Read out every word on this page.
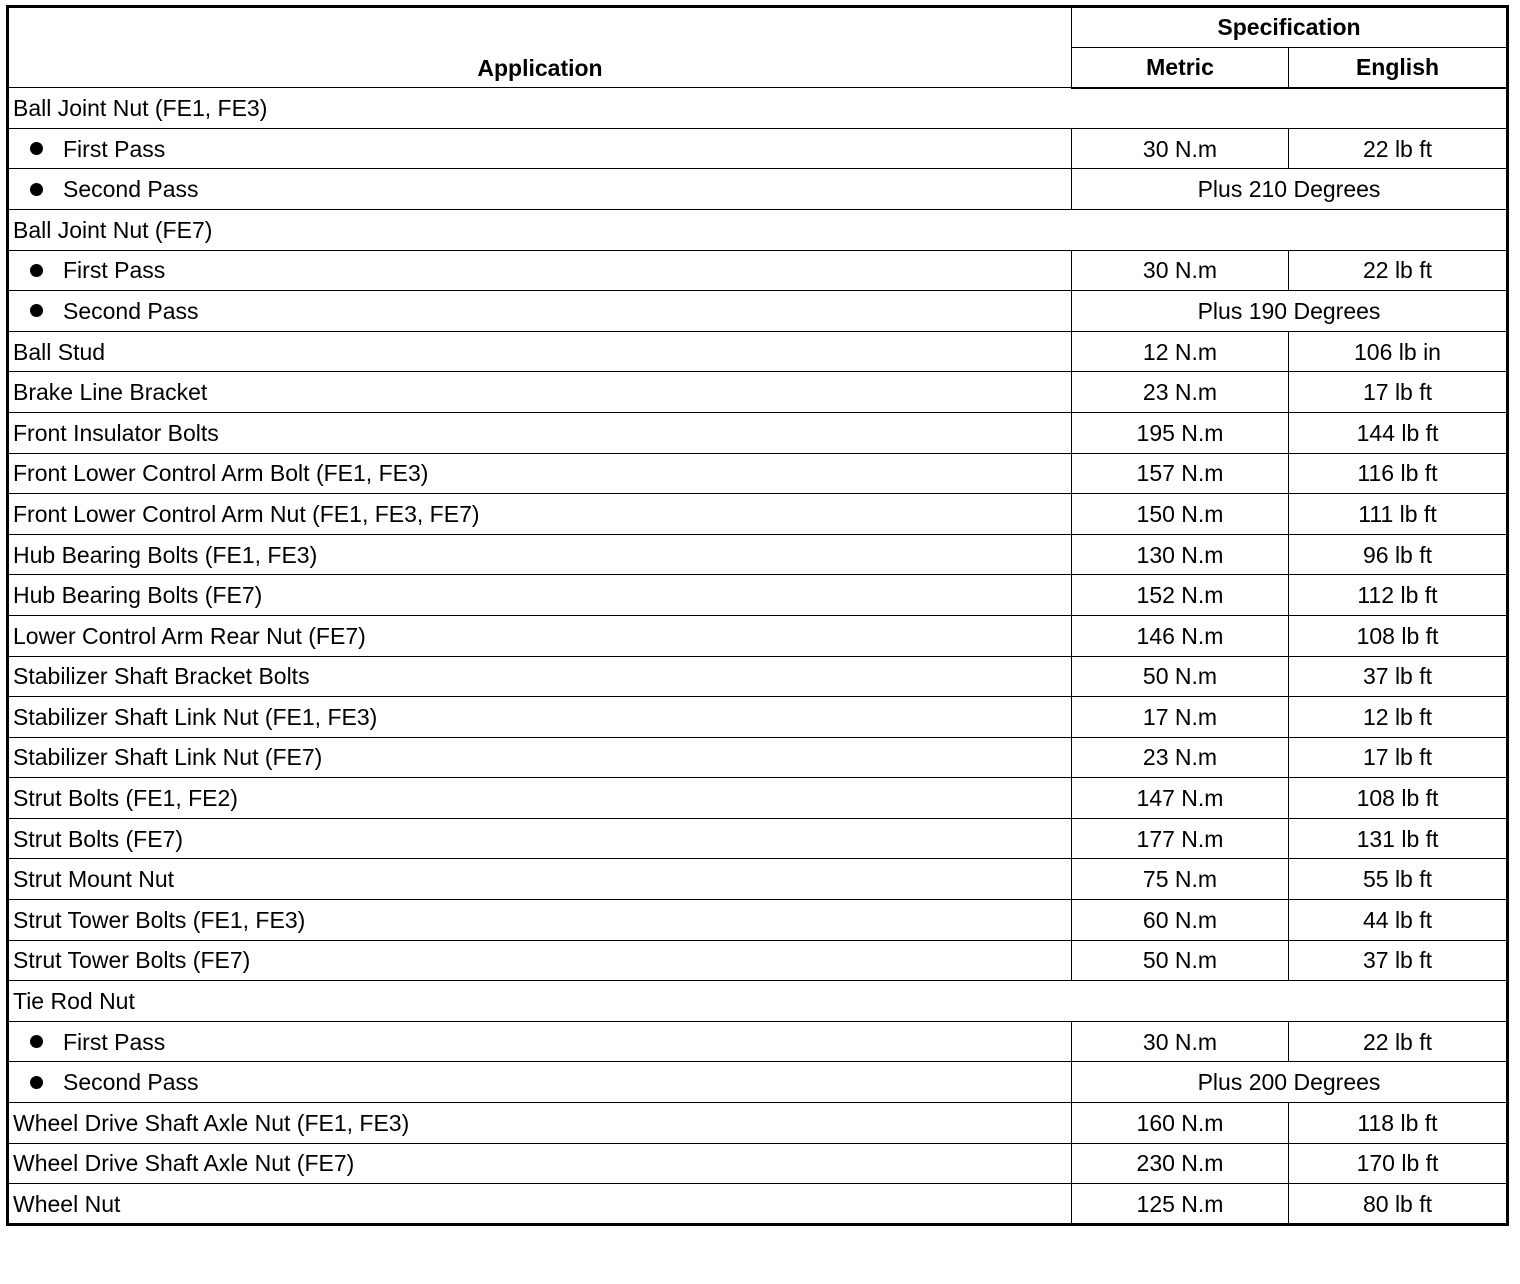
Application	Specification	
	Metric	English
Ball Joint Nut (FE1, FE3)		
First Pass	30 N.m	22 lb ft
Second Pass	Plus 210 Degrees	
Ball Joint Nut (FE7)		
First Pass	30 N.m	22 lb ft
Second Pass	Plus 190 Degrees	
Ball Stud	12 N.m	106 lb in
Brake Line Bracket	23 N.m	17 lb ft
Front Insulator Bolts	195 N.m	144 lb ft
Front Lower Control Arm Bolt (FE1, FE3)	157 N.m	116 lb ft
Front Lower Control Arm Nut (FE1, FE3, FE7)	150 N.m	111 lb ft
Hub Bearing Bolts (FE1, FE3)	130 N.m	96 lb ft
Hub Bearing Bolts (FE7)	152 N.m	112 lb ft
Lower Control Arm Rear Nut (FE7)	146 N.m	108 lb ft
Stabilizer Shaft Bracket Bolts	50 N.m	37 lb ft
Stabilizer Shaft Link Nut (FE1, FE3)	17 N.m	12 lb ft
Stabilizer Shaft Link Nut (FE7)	23 N.m	17 lb ft
Strut Bolts (FE1, FE2)	147 N.m	108 lb ft
Strut Bolts (FE7)	177 N.m	131 lb ft
Strut Mount Nut	75 N.m	55 lb ft
Strut Tower Bolts (FE1, FE3)	60 N.m	44 lb ft
Strut Tower Bolts (FE7)	50 N.m	37 lb ft
Tie Rod Nut		
First Pass	30 N.m	22 lb ft
Second Pass	Plus 200 Degrees	
Wheel Drive Shaft Axle Nut (FE1, FE3)	160 N.m	118 lb ft
Wheel Drive Shaft Axle Nut (FE7)	230 N.m	170 lb ft
Wheel Nut	125 N.m	80 lb ft
